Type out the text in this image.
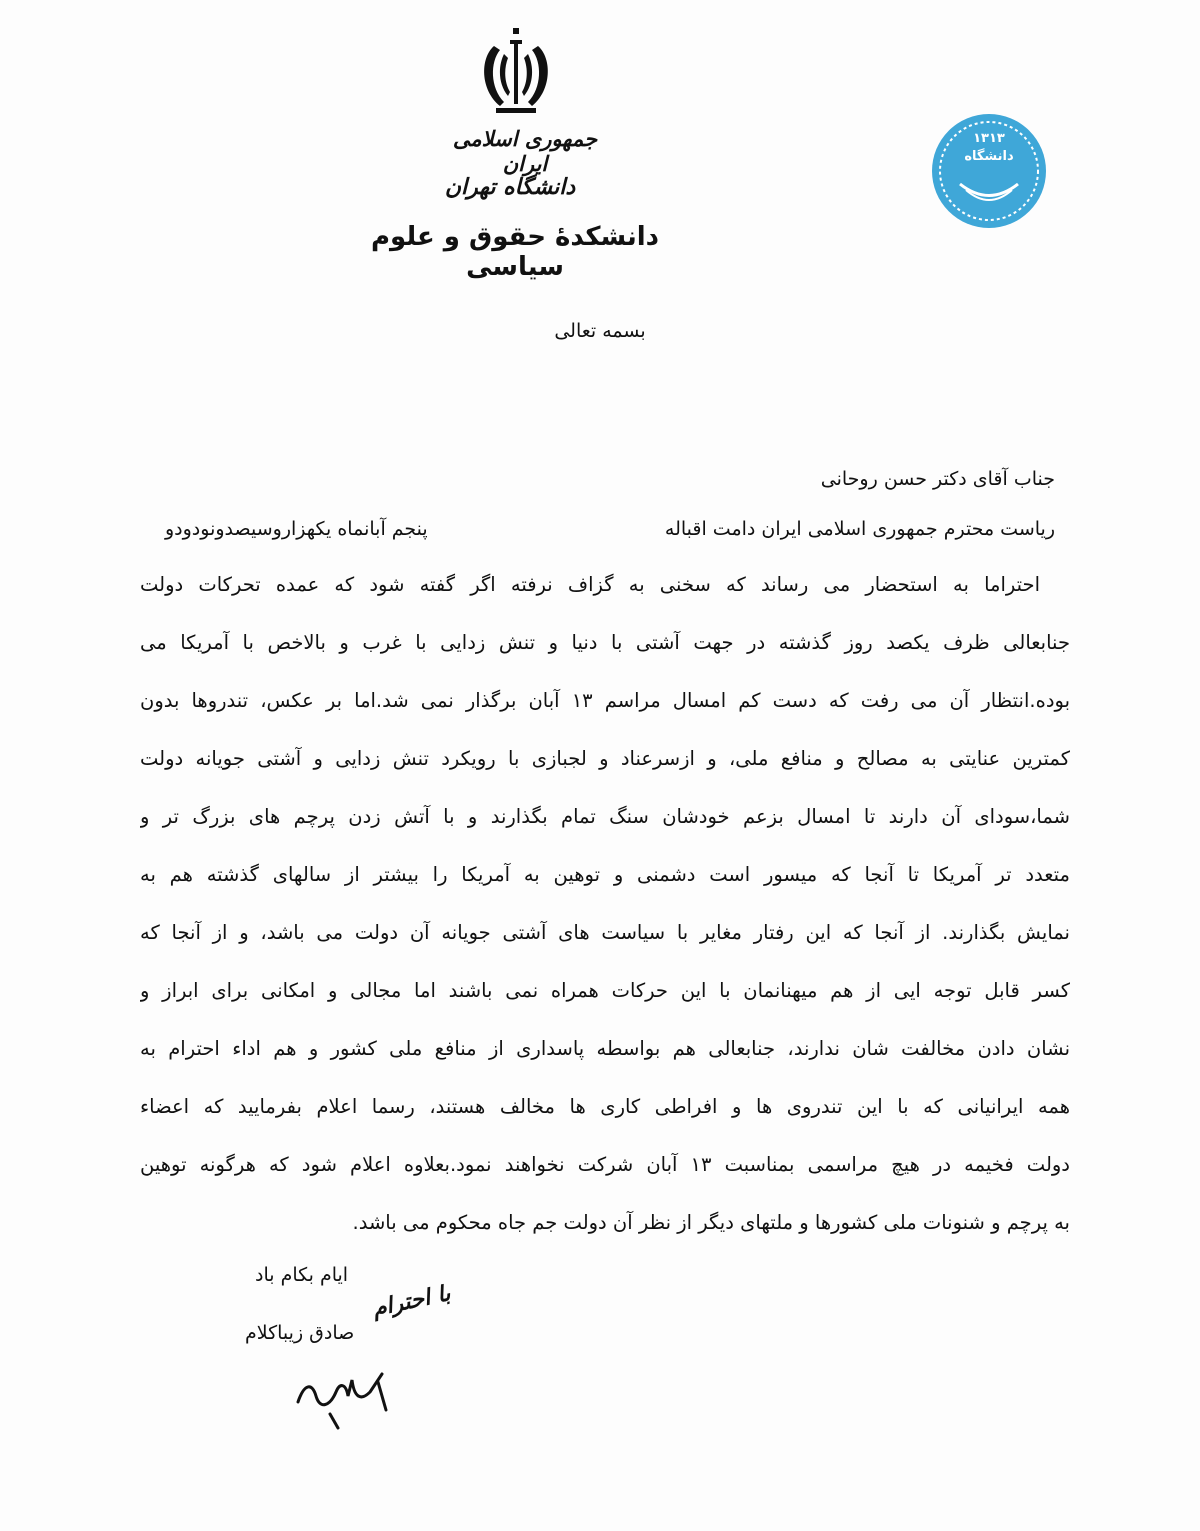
جمهوری اسلامی ایران
دانشگاه تهران
دانشکدهٔ حقوق و علوم سیاسی
۱۳۱۳
دانشگاه
بسمه تعالی
جناب آقای دکتر حسن روحانی
ریاست محترم جمهوری اسلامی ایران دامت اقباله
پنجم آبانماه یکهزاروسیصدونودودو
احتراما به استحضار می رساند که سخنی به گزاف نرفته اگر گفته شود که عمده تحرکات دولت
جنابعالی ظرف یکصد روز گذشته در جهت آشتی با دنیا و تنش زدایی با غرب و بالاخص با آمریکا می
بوده.انتظار آن می رفت که دست کم امسال مراسم ۱۳ آبان برگذار نمی شد.اما بر عکس، تندروها بدون
کمترین عنایتی به مصالح و منافع ملی، و ازسرعناد و لجبازی با رویکرد تنش زدایی و آشتی جویانه دولت
شما،سودای آن دارند تا امسال بزعم خودشان سنگ تمام بگذارند و با آتش زدن پرچم های بزرگ تر و
متعدد تر آمریکا تا آنجا که میسور است دشمنی و توهین به آمریکا را بیشتر از سالهای گذشته هم به
نمایش بگذارند. از آنجا که این رفتار مغایر با سیاست های آشتی جویانه آن دولت می باشد، و از آنجا که
کسر قابل توجه ایی از هم میهنانمان با این حرکات همراه نمی باشند اما مجالی و امکانی برای ابراز و
نشان دادن مخالفت شان ندارند، جنابعالی هم بواسطه پاسداری از منافع ملی کشور و هم اداء احترام به
همه ایرانیانی که با این تندروی ها و افراطی کاری ها مخالف هستند، رسما اعلام بفرمایید که اعضاء
دولت فخیمه در هیچ مراسمی بمناسبت ۱۳ آبان شرکت نخواهند نمود.بعلاوه اعلام شود که هرگونه توهین
به پرچم و شنونات ملی کشورها و ملتهای دیگر از نظر آن دولت جم جاه محکوم می باشد.
ایام بکام باد
با احترام
صادق زیباکلام
